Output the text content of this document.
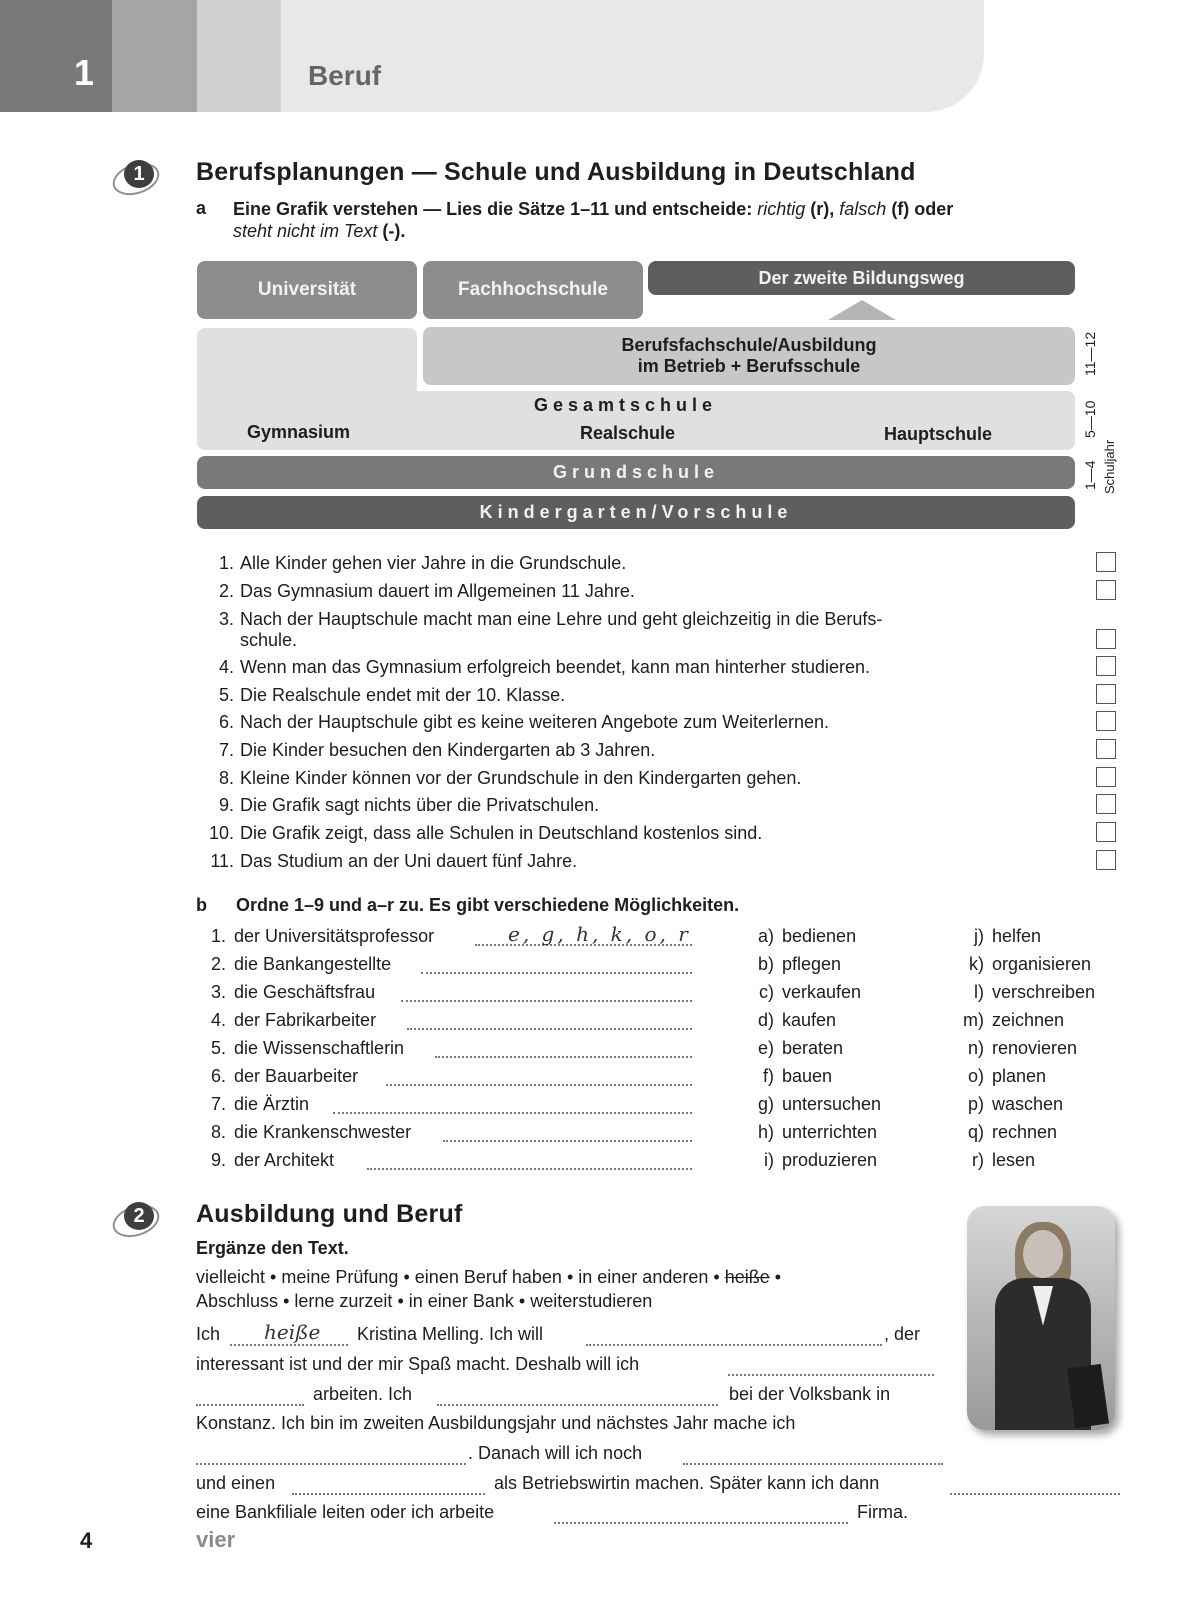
1	Beruf
1	Berufsplanungen — Schule und Ausbildung in Deutschland
a Eine Grafik verstehen — Lies die Sätze 1–11 und entscheide: richtig (r), falsch (f) oder
steht nicht im Text (-).
Universität	Fachhochschule
Der zweite Bildungsweg
Berufsfachschule/Ausbildung
im Betrieb + Berufsschule
Gesamtschule
Gymnasium	Realschule	Hauptschule
Grundschule
Kindergarten/Vorschule
11—12
5—10
1—4 Schuljahr
1. Alle Kinder gehen vier Jahre in die Grundschule.
2. Das Gymnasium dauert im Allgemeinen 11 Jahre.
3. Nach der Hauptschule macht man eine Lehre und geht gleichzeitig in die Berufs-
schule.
4. Wenn man das Gymnasium erfolgreich beendet, kann man hinterher studieren.
5. Die Realschule endet mit der 10. Klasse.
6. Nach der Hauptschule gibt es keine weiteren Angebote zum Weiterlernen.
7. Die Kinder besuchen den Kindergarten ab 3 Jahren.
8. Kleine Kinder können vor der Grundschule in den Kindergarten gehen.
9. Die Grafik sagt nichts über die Privatschulen.
10. Die Grafik zeigt, dass alle Schulen in Deutschland kostenlos sind.
11. Das Studium an der Uni dauert fünf Jahre.
b Ordne 1–9 und a–r zu. Es gibt verschiedene Möglichkeiten.
1. der Universitätsprofessor	e, g, h, k, o, r
2. die Bankangestellte
3. die Geschäftsfrau
4. der Fabrikarbeiter
5. die Wissenschaftlerin
6. der Bauarbeiter
7. die Ärztin
8. die Krankenschwester
9. der Architekt
a) bedienen
b) pflegen
c) verkaufen
d) kaufen
e) beraten
f) bauen
g) untersuchen
h) unterrichten
i) produzieren
j) helfen
k) organisieren
l) verschreiben
m) zeichnen
n) renovieren
o) planen
p) waschen
q) rechnen
r) lesen
2	Ausbildung und Beruf
Ergänze den Text.
vielleicht • meine Prüfung • einen Beruf haben • in einer anderen • heiße •
Abschluss • lerne zurzeit • in einer Bank • weiterstudieren
Ich heiße Kristina Melling. Ich will	, der
interessant ist und der mir Spaß macht. Deshalb will ich
arbeiten. Ich	bei der Volksbank in
Konstanz. Ich bin im zweiten Ausbildungsjahr und nächstes Jahr mache ich
. Danach will ich noch
und einen	als Betriebswirtin machen. Später kann ich dann
eine Bankfiliale leiten oder ich arbeite	Firma.
4	vier
